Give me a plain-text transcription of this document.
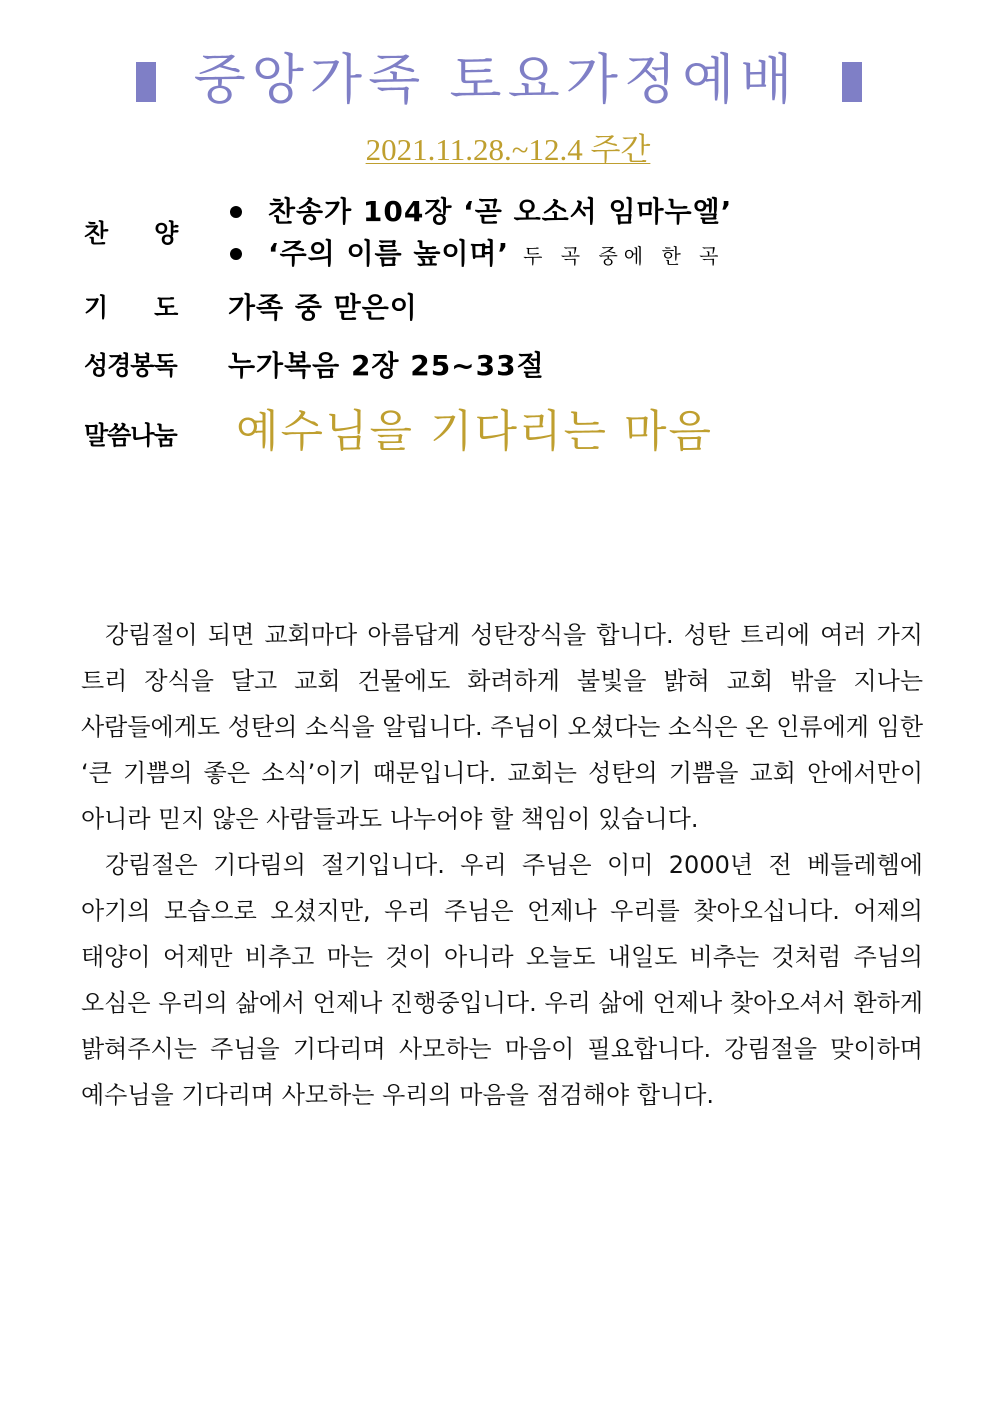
중앙가족 토요가정예배
2021.11.28.~12.4 주간
찬양
찬송가 104장 ‘곧 오소서 임마누엘’
‘주의 이름 높이며’ 두 곡 중에 한 곡
기도 가족 중 맏은이
성경봉독 누가복음 2장 25~33절
말씀나눔 예수님을 기다리는 마음

강림절이 되면 교회마다 아름답게 성탄장식을 합니다. 성탄 트리에 여러 가지 트리 장식을 달고 교회 건물에도 화려하게 불빛을 밝혀 교회 밖을 지나는 사람들에게도 성탄의 소식을 알립니다. 주님이 오셨다는 소식은 온 인류에게 임한 ‘큰 기쁨의 좋은 소식’이기 때문입니다. 교회는 성탄의 기쁨을 교회 안에서만이 아니라 믿지 않은 사람들과도 나누어야 할 책임이 있습니다.

강림절은 기다림의 절기입니다. 우리 주님은 이미 2000년 전 베들레헴에 아기의 모습으로 오셨지만, 우리 주님은 언제나 우리를 찾아오십니다. 어제의 태양이 어제만 비추고 마는 것이 아니라 오늘도 내일도 비추는 것처럼 주님의 오심은 우리의 삶에서 언제나 진행중입니다. 우리 삶에 언제나 찾아오셔서 환하게 밝혀주시는 주님을 기다리며 사모하는 마음이 필요합니다. 강림절을 맞이하며 예수님을 기다리며 사모하는 우리의 마음을 점검해야 합니다.
